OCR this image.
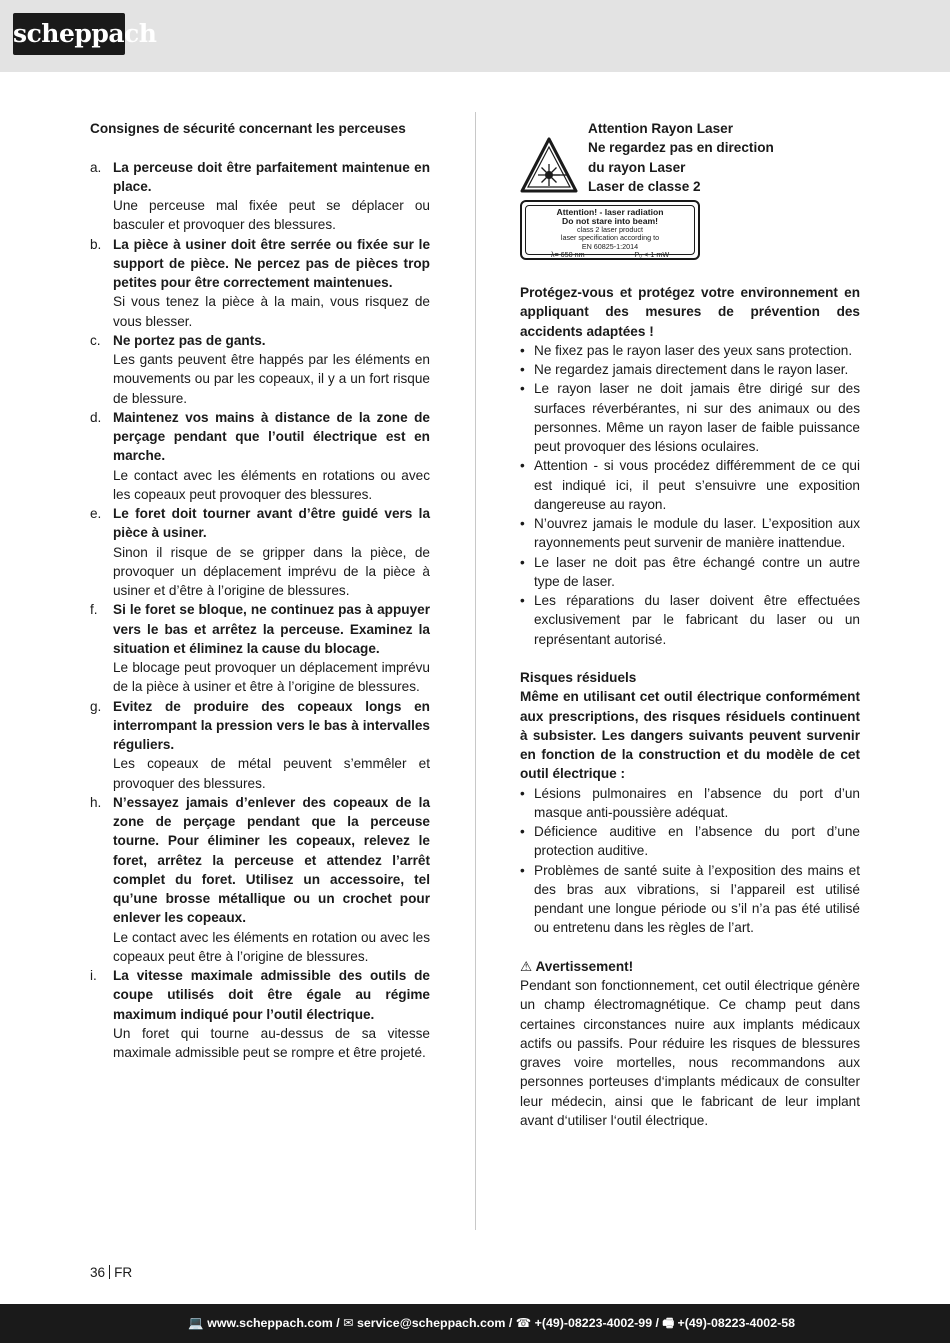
scheppach

Consignes de sécurité concernant les perceuses

a. La perceuse doit être parfaitement maintenue en place.

Une perceuse mal fixée peut se déplacer ou basculer et provoquer des blessures.

b. La pièce à usiner doit être serrée ou fixée sur le support de pièce. Ne percez pas de pièces trop petites pour être correctement maintenues.

Si vous tenez la pièce à la main, vous risquez de vous blesser.

c. Ne portez pas de gants.

Les gants peuvent être happés par les éléments en mouvements ou par les copeaux, il y a un fort risque de blessure.

d. Maintenez vos mains à distance de la zone de perçage pendant que l’outil électrique est en marche.

Le contact avec les éléments en rotations ou avec les copeaux peut provoquer des blessures.

e. Le foret doit tourner avant d’être guidé vers la pièce à usiner.

Sinon il risque de se gripper dans la pièce, de provoquer un déplacement imprévu de la pièce à usiner et d’être à l’origine de blessures.

f. Si le foret se bloque, ne continuez pas à appuyer vers le bas et arrêtez la perceuse. Examinez la situation et éliminez la cause du blocage.

Le blocage peut provoquer un déplacement imprévu de la pièce à usiner et être à l’origine de blessures.

g. Evitez de produire des copeaux longs en interrompant la pression vers le bas à intervalles réguliers.

Les copeaux de métal peuvent s’emmêler et provoquer des blessures.

h. N’essayez jamais d’enlever des copeaux de la zone de perçage pendant que la perceuse tourne. Pour éliminer les copeaux, relevez le foret, arrêtez la perceuse et attendez l’arrêt complet du foret. Utilisez un accessoire, tel qu’une brosse métallique ou un crochet pour enlever les copeaux.

Le contact avec les éléments en rotation ou avec les copeaux peut être à l’origine de blessures.

i. La vitesse maximale admissible des outils de coupe utilisés doit être égale au régime maximum indiqué pour l’outil électrique.

Un foret qui tourne au-dessus de sa vitesse maximale admissible peut se rompre et être projeté.

Attention Rayon Laser

Ne regardez pas en direction

du rayon Laser

Laser de classe 2

Attention! - laser radiation
Do not stare into beam!
class 2 laser product
laser specification according to
EN 60825-1:2014
λ= 650 nm	P₀ < 1 mW

Protégez-vous et protégez votre environnement en appliquant des mesures de prévention des accidents adaptées !

• Ne fixez pas le rayon laser des yeux sans protection.
• Ne regardez jamais directement dans le rayon laser.
• Le rayon laser ne doit jamais être dirigé sur des surfaces réverbérantes, ni sur des animaux ou des personnes. Même un rayon laser de faible puissance peut provoquer des lésions oculaires.
• Attention - si vous procédez différemment de ce qui est indiqué ici, il peut s’ensuivre une exposition dangereuse au rayon.
• N’ouvrez jamais le module du laser. L’exposition aux rayonnements peut survenir de manière inattendue.
• Le laser ne doit pas être échangé contre un autre type de laser.
• Les réparations du laser doivent être effectuées exclusivement par le fabricant du laser ou un représentant autorisé.

Risques résiduels

Même en utilisant cet outil électrique conformément aux prescriptions, des risques résiduels continuent à subsister. Les dangers suivants peuvent survenir en fonction de la construction et du modèle de cet outil électrique :

• Lésions pulmonaires en l’absence du port d’un masque anti-poussière adéquat.
• Déficience auditive en l’absence du port d’une protection auditive.
• Problèmes de santé suite à l’exposition des mains et des bras aux vibrations, si l’appareil est utilisé pendant une longue période ou s’il n’a pas été utilisé ou entretenu dans les règles de l’art.

⚠ Avertissement!

Pendant son fonctionnement, cet outil électrique génère un champ électromagnétique. Ce champ peut dans certaines circonstances nuire aux implants médicaux actifs ou passifs. Pour réduire les risques de blessures graves voire mortelles, nous recommandons aux personnes porteuses d‘implants médicaux de consulter leur médecin, ainsi que le fabricant de leur implant avant d‘utiliser l‘outil électrique.

36 FR
💻 www.scheppach.com / ✉ service@scheppach.com / ☎ +(49)-08223-4002-99 / 🖷 +(49)-08223-4002-58
